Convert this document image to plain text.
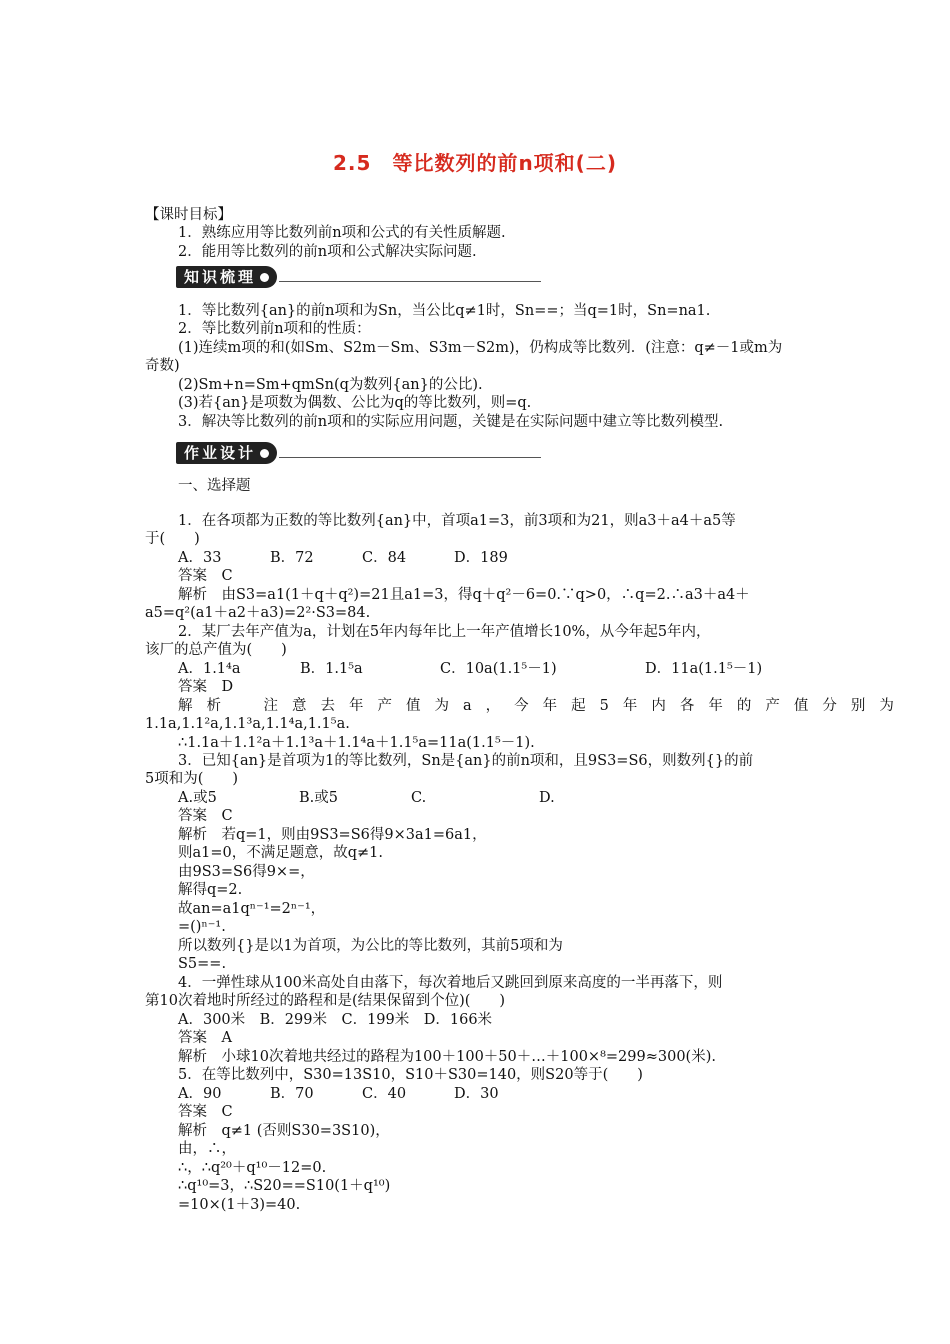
2.5　等比数列的前n项和(二)
【课时目标】
1．熟练应用等比数列前n项和公式的有关性质解题.
2．能用等比数列的前n项和公式解决实际问题.
知识梳理
1．等比数列{an}的前n项和为Sn，当公比q≠1时，Sn==；当q=1时，Sn=na1.
2．等比数列前n项和的性质：
(1)连续m项的和(如Sm、S2m－Sm、S3m－S2m)，仍构成等比数列．(注意：q≠－1或m为
奇数)
(2)Sm+n=Sm+qmSn(q为数列{an}的公比).
(3)若{an}是项数为偶数、公比为q的等比数列，则=q.
3．解决等比数列的前n项和的实际应用问题，关键是在实际问题中建立等比数列模型.
作业设计
一、选择题
1．在各项都为正数的等比数列{an}中，首项a1=3，前3项和为21，则a3＋a4＋a5等
于(　　)
A．33	B．72	C．84	D．189
答案　C
解析　由S3=a1(1＋q＋q²)=21且a1=3，得q＋q²－6=0.∵q>0，∴q=2.∴a3＋a4＋
a5=q²(a1＋a2＋a3)=2²·S3=84.
2．某厂去年产值为a，计划在5年内每年比上一年产值增长10%，从今年起5年内，
该厂的总产值为(　　)
A．1.1⁴a	B．1.1⁵a	C．10a(1.1⁵－1)	D．11a(1.1⁵－1)
答案　D
解析　注意去年产值为a，今年起5年内各年的产值分别为
1.1a,1.1²a,1.1³a,1.1⁴a,1.1⁵a.
∴1.1a＋1.1²a＋1.1³a＋1.1⁴a＋1.1⁵a=11a(1.1⁵－1).
3．已知{an}是首项为1的等比数列，Sn是{an}的前n项和，且9S3=S6，则数列{}的前
5项和为(　　)
A.或5	B.或5	C.	D.
答案　C
解析　若q=1，则由9S3=S6得9×3a1=6a1，
则a1=0，不满足题意，故q≠1.
由9S3=S6得9×=，
解得q=2.
故an=a1qⁿ⁻¹=2ⁿ⁻¹，
=()ⁿ⁻¹.
所以数列{}是以1为首项，为公比的等比数列，其前5项和为
S5==.
4．一弹性球从100米高处自由落下，每次着地后又跳回到原来高度的一半再落下，则
第10次着地时所经过的路程和是(结果保留到个位)(　　)
A．300米　B．299米　C．199米　D．166米
答案　A
解析　小球10次着地共经过的路程为100＋100＋50＋…＋100×⁸=299≈300(米).
5．在等比数列中，S30=13S10，S10＋S30=140，则S20等于(　　)
A．90	B．70	C．40	D．30
答案　C
解析　q≠1 (否则S30=3S10)，
由，∴，
∴，∴q²⁰＋q¹⁰－12=0.
∴q¹⁰=3，∴S20==S10(1＋q¹⁰)
=10×(1＋3)=40.
